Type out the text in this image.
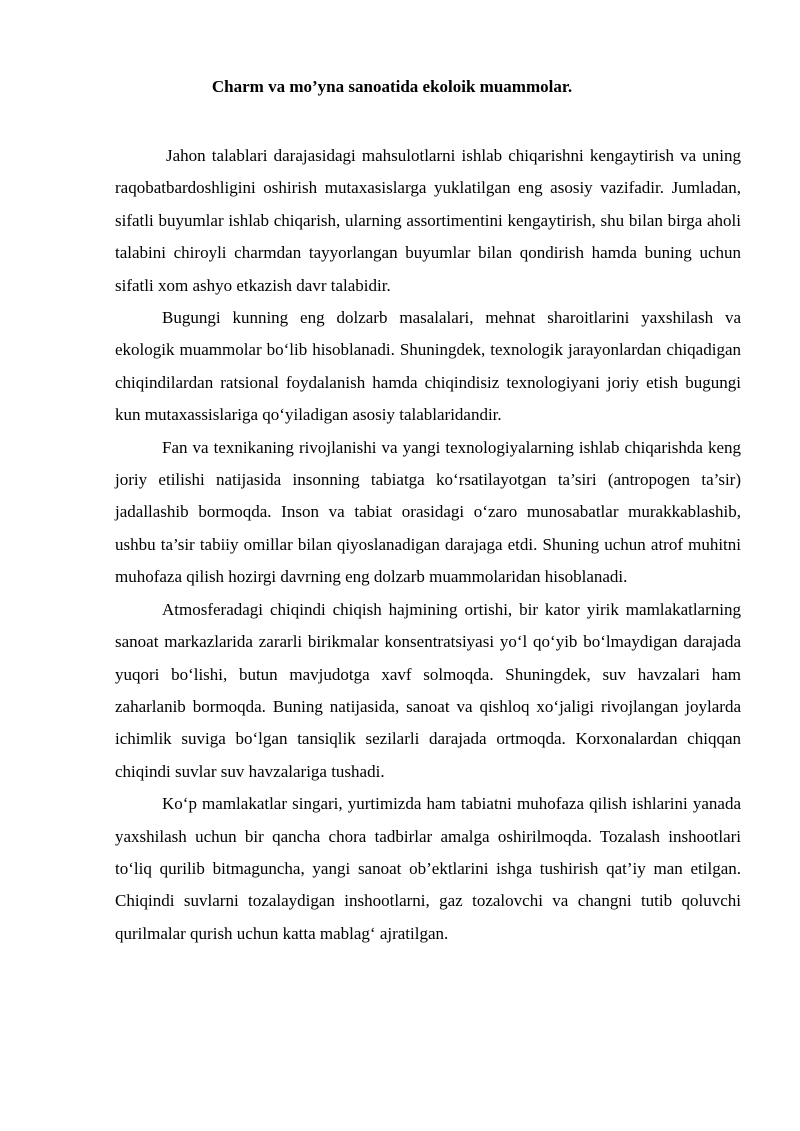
Charm va mo’yna sanoatida ekoloik muammolar.

Jahon talablari darajasidagi mahsulotlarni ishlab chiqarishni kengaytirish va uning raqobatbardoshligini oshirish mutaxasislarga yuklatilgan eng asosiy vazifadir. Jumladan, sifatli buyumlar ishlab chiqarish, ularning assortimentini kengaytirish, shu bilan birga aholi talabini chiroyli charmdan tayyorlangan buyumlar bilan qondirish hamda buning uchun sifatli xom ashyo etkazish davr talabidir.

Bugungi kunning eng dolzarb masalalari, mehnat sharoitlarini yaxshilash va ekologik muammolar bo‘lib hisoblanadi. Shuningdek, texnologik jarayonlardan chiqadigan chiqindilardan ratsional foydalanish hamda chiqindisiz texnologiyani joriy etish bugungi kun mutaxassislariga qo‘yiladigan asosiy talablaridandir.

Fan va texnikaning rivojlanishi va yangi texnologiyalarning ishlab chiqarishda keng joriy etilishi natijasida insonning tabiatga ko‘rsatilayotgan ta’siri (antropogen ta’sir) jadallashib bormoqda. Inson va tabiat orasidagi o‘zaro munosabatlar murakkablashib, ushbu ta’sir tabiiy omillar bilan qiyoslanadigan darajaga etdi. Shuning uchun atrof muhitni muhofaza qilish hozirgi davrning eng dolzarb muammolaridan hisoblanadi.

Atmosferadagi chiqindi chiqish hajmining ortishi, bir kator yirik mamlakatlarning sanoat markazlarida zararli birikmalar konsentratsiyasi yo‘l qo‘yib bo‘lmaydigan darajada yuqori bo‘lishi, butun mavjudotga xavf solmoqda. Shuningdek, suv havzalari ham zaharlanib bormoqda. Buning natijasida, sanoat va qishloq xo‘jaligi rivojlangan joylarda ichimlik suviga bo‘lgan tansiqlik sezilarli darajada ortmoqda. Korxonalardan chiqqan chiqindi suvlar suv havzalariga tushadi.

Ko‘p mamlakatlar singari, yurtimizda ham tabiatni muhofaza qilish ishlarini yanada yaxshilash uchun bir qancha chora tadbirlar amalga oshirilmoqda. Tozalash inshootlari to‘liq qurilib bitmaguncha, yangi sanoat ob’ektlarini ishga tushirish qat’iy man etilgan. Chiqindi suvlarni tozalaydigan inshootlarni, gaz tozalovchi va changni tutib qoluvchi qurilmalar qurish uchun katta mablag‘ ajratilgan.
